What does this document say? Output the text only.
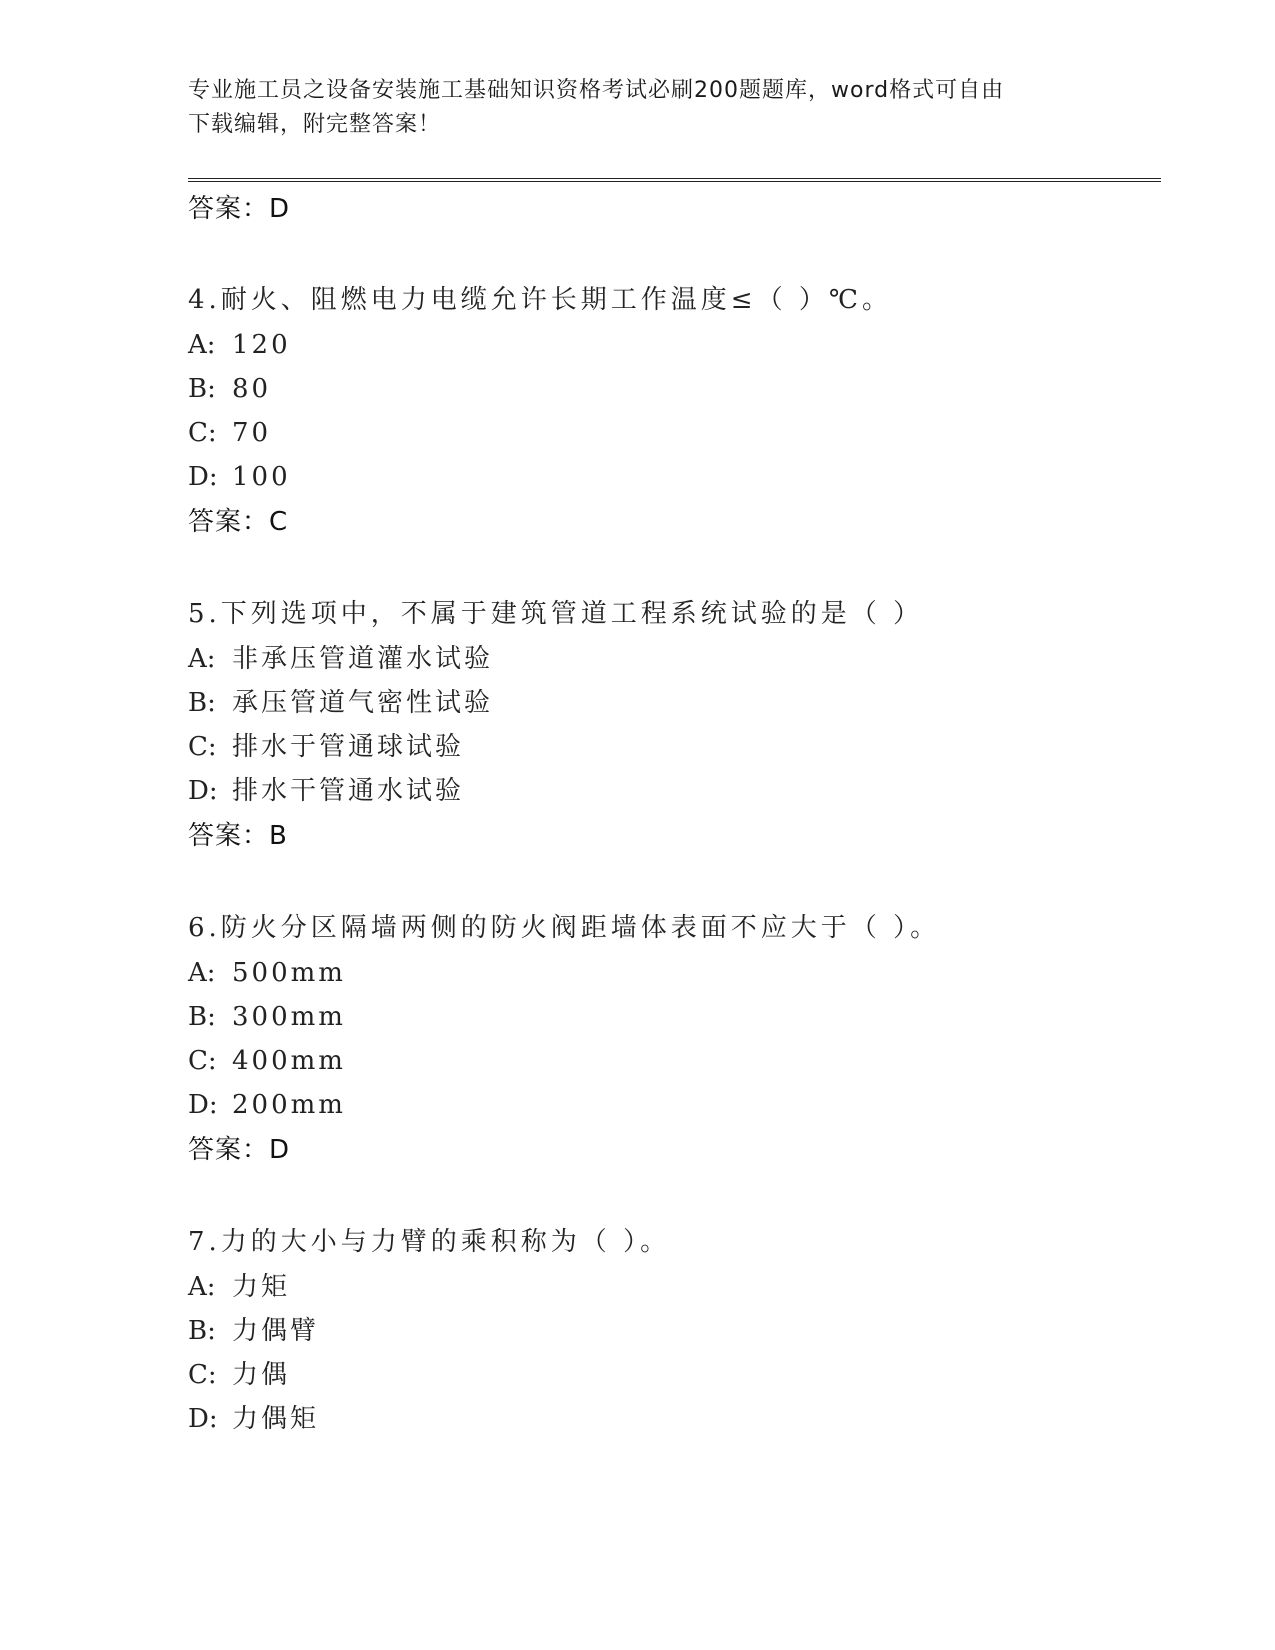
专业施工员之设备安装施工基础知识资格考试必刷200题题库，word格式可自由
下载编辑，附完整答案！
答案：D
4.耐火、阻燃电力电缆允许长期工作温度≤（ ）℃。
A: 120
B: 80
C: 70
D: 100
答案：C
5.下列选项中，不属于建筑管道工程系统试验的是（ ）
A: 非承压管道灌水试验
B: 承压管道气密性试验
C: 排水于管通球试验
D: 排水干管通水试验
答案：B
6.防火分区隔墙两侧的防火阀距墙体表面不应大于（ ）。
A: 500mm
B: 300mm
C: 400mm
D: 200mm
答案：D
7.力的大小与力臂的乘积称为（ ）。
A: 力矩
B: 力偶臂
C: 力偶
D: 力偶矩
